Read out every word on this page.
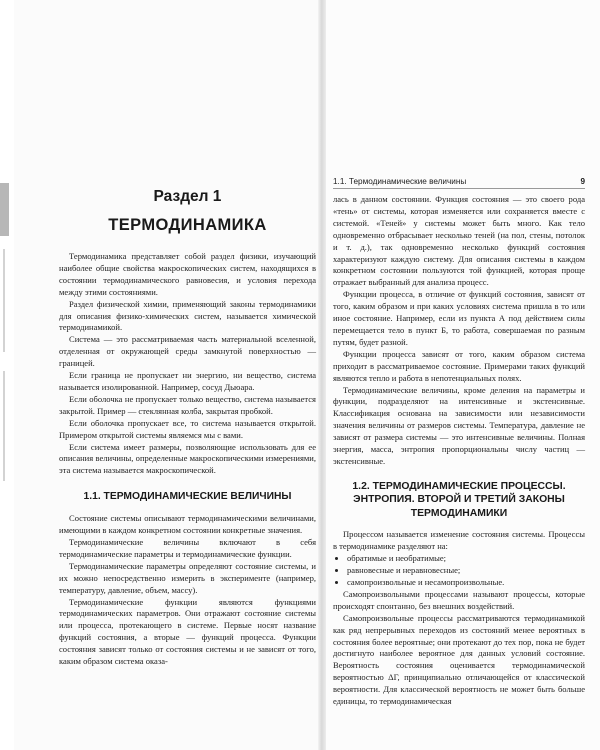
Раздел 1
ТЕРМОДИНАМИКА

Термодинамика представляет собой раздел физики, изучающий наиболее общие свойства макроскопических систем, находящихся в состоянии термодинамического равновесия, и условия перехода между этими состояниями.

Раздел физической химии, применяющий законы термодинамики для описания физико-химических систем, называется химической термодинамикой.

Система — это рассматриваемая часть материальной вселенной, отделенная от окружающей среды замкнутой поверхностью — границей.

Если граница не пропускает ни энергию, ни вещество, система называется изолированной. Например, сосуд Дьюара.

Если оболочка не пропускает только вещество, система называется закрытой. Пример — стеклянная колба, закрытая пробкой.

Если оболочка пропускает все, то система называется открытой. Примером открытой системы являемся мы с вами.

Если система имеет размеры, позволяющие использовать для ее описания величины, определенные макроскопическими измерениями, эта система называется макроскопической.

1.1. ТЕРМОДИНАМИЧЕСКИЕ ВЕЛИЧИНЫ

Состояние системы описывают термодинамическими величинами, имеющими в каждом конкретном состоянии конкретные значения.

Термодинамические величины включают в себя термодинамические параметры и термодинамические функции.

Термодинамические параметры определяют состояние системы, и их можно непосредственно измерить в эксперименте (например, температуру, давление, объем, массу).

Термодинамические функции являются функциями термодинамических параметров. Они отражают состояние системы или процесса, протекающего в системе. Первые носят название функций состояния, а вторые — функций процесса. Функции состояния зависят только от состояния системы и не зависят от того, каким образом система оказа-

1.1. Термодинамические величины	9

лась в данном состоянии. Функция состояния — это своего рода «тень» от системы, которая изменяется или сохраняется вместе с системой. «Теней» у системы может быть много. Как тело одновременно отбрасывает несколько теней (на пол, стены, потолок и т. д.), так одновременно несколько функций состояния характеризуют каждую систему. Для описания системы в каждом конкретном состоянии пользуются той функцией, которая проще отражает выбранный для анализа процесс.

Функции процесса, в отличие от функций состояния, зависят от того, каким образом и при каких условиях система пришла в то или иное состояние. Например, если из пункта А под действием силы перемещается тело в пункт Б, то работа, совершаемая по разным путям, будет разной.

Функции процесса зависят от того, каким образом система приходит в рассматриваемое состояние. Примерами таких функций являются тепло и работа в непотенциальных полях.

Термодинамические величины, кроме деления на параметры и функции, подразделяют на интенсивные и экстенсивные. Классификация основана на зависимости или независимости значения величины от размеров системы. Температура, давление не зависят от размера системы — это интенсивные величины. Полная энергия, масса, энтропия пропорциональны числу частиц — экстенсивные.

1.2. ТЕРМОДИНАМИЧЕСКИЕ ПРОЦЕССЫ. ЭНТРОПИЯ. ВТОРОЙ И ТРЕТИЙ ЗАКОНЫ ТЕРМОДИНАМИКИ

Процессом называется изменение состояния системы. Процессы в термодинамике разделяют на:

• обратимые и необратимые;
• равновесные и неравновесные;
• самопроизвольные и несамопроизвольные.

Самопроизвольными процессами называют процессы, которые происходят спонтанно, без внешних воздействий.

Самопроизвольные процессы рассматриваются термодинамикой как ряд непрерывных переходов из состояний менее вероятных в состояния более вероятные; они протекают до тех пор, пока не будет достигнуто наиболее вероятное для данных условий состояние. Вероятность состояния оценивается термодинамической вероятностью ΔГ, принципиально отличающейся от классической вероятности. Для классической вероятность не может быть больше единицы, то термодинамическая
